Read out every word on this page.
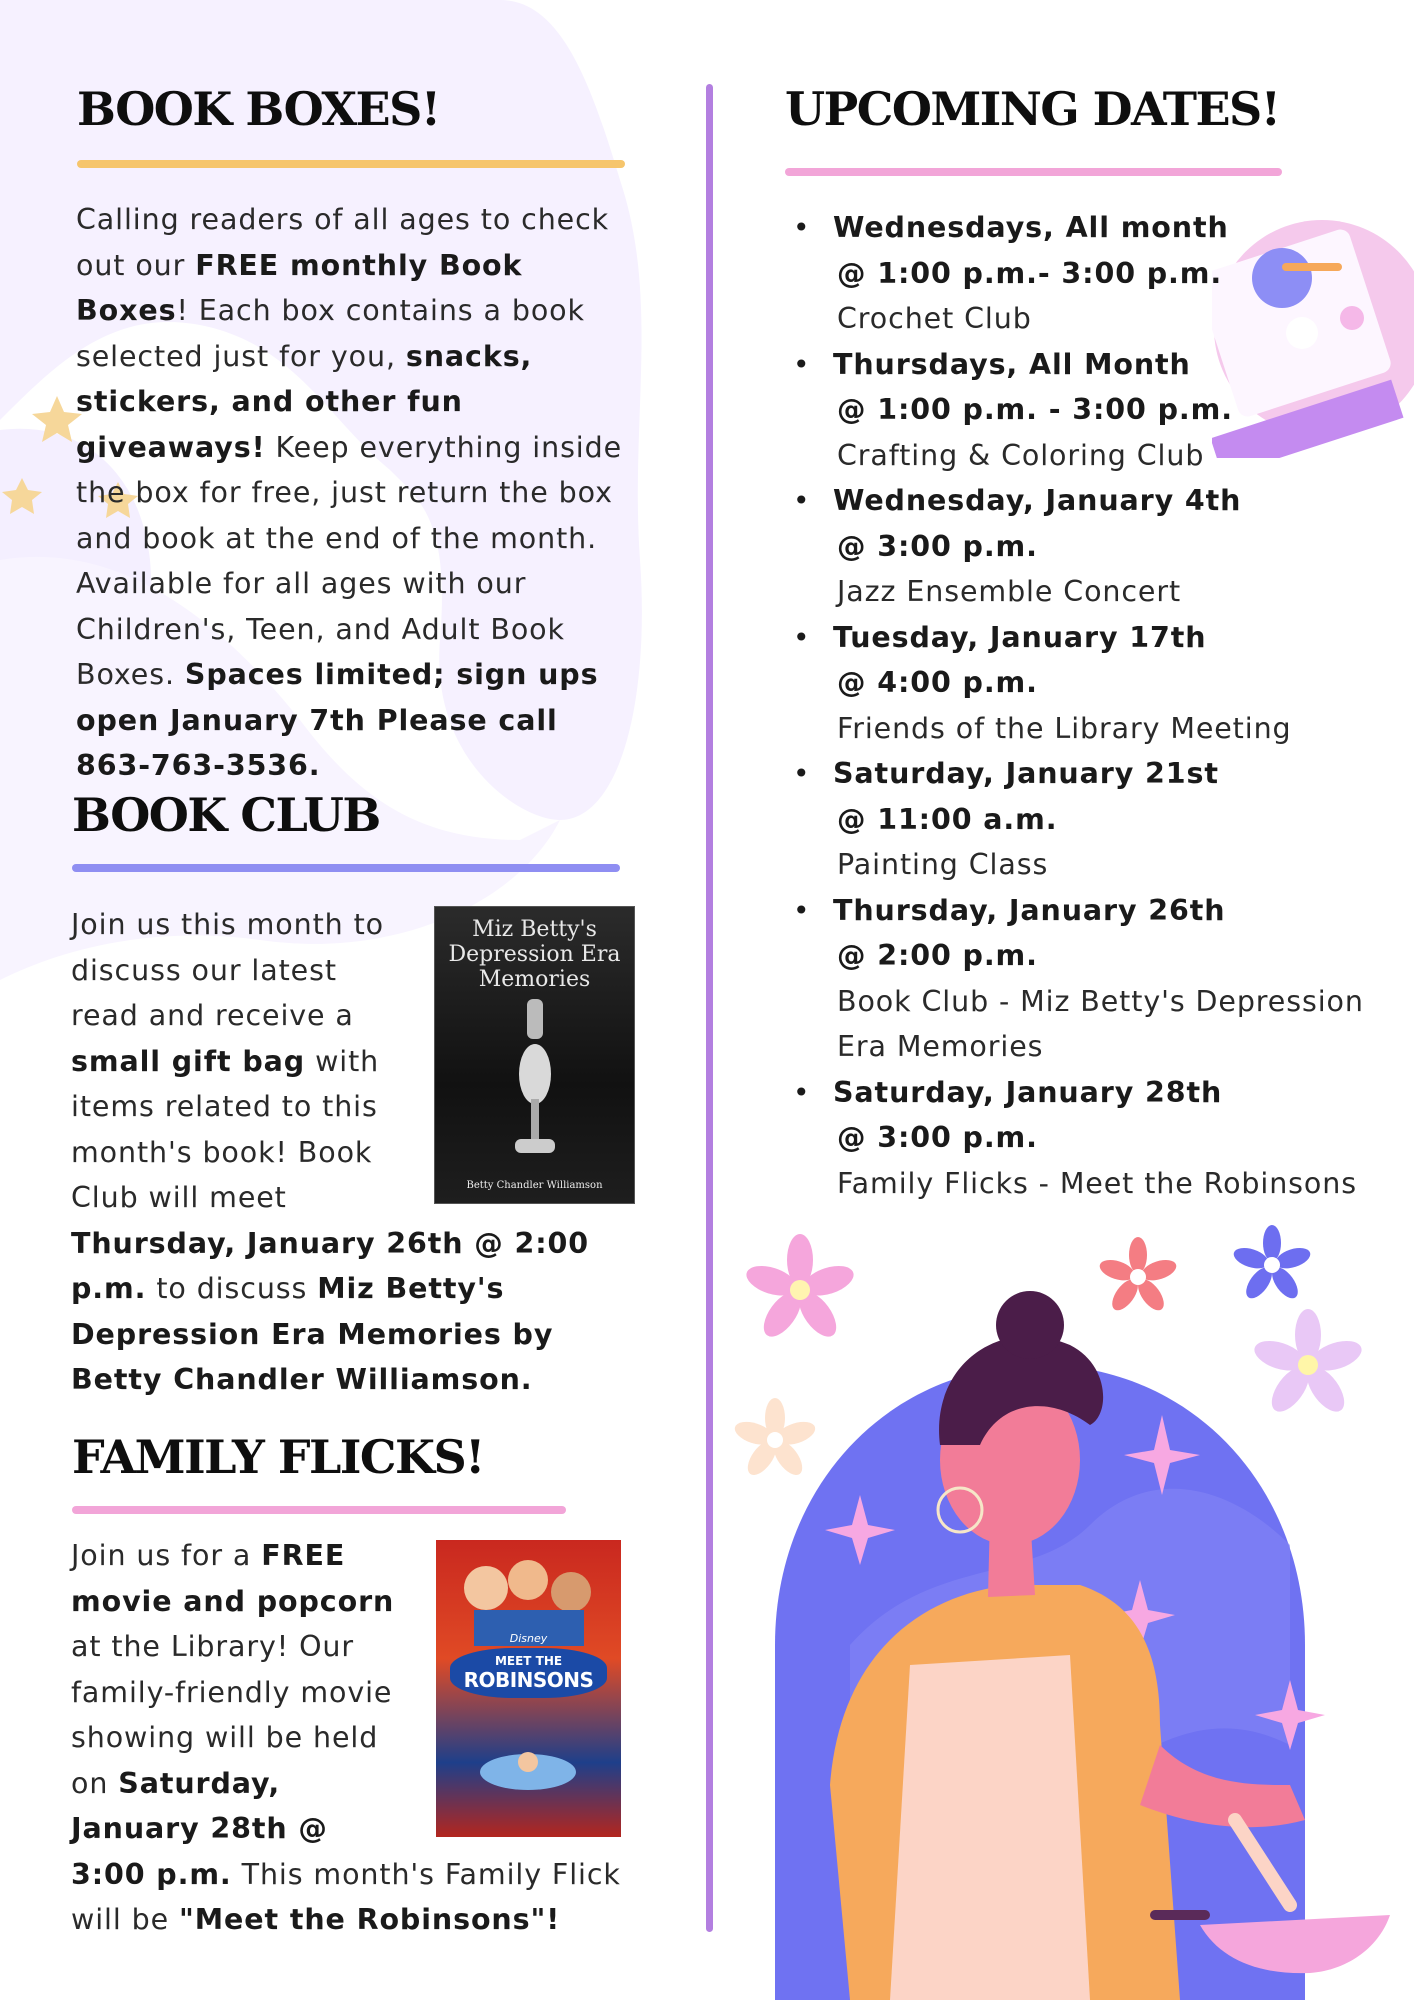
BOOK BOXES!

Calling readers of all ages to check out our FREE monthly Book Boxes! Each box contains a book selected just for you, snacks, stickers, and other fun giveaways! Keep everything inside the box for free, just return the box and book at the end of the month. Available for all ages with our Children's, Teen, and Adult Book Boxes. Spaces limited; sign ups open January 7th Please call 863-763-3536.

BOOK CLUB
Miz Betty's
Depression Era
Memories
Betty Chandler Williamson

Join us this month to discuss our latest read and receive a small gift bag with items related to this month's book! Book Club will meet Thursday, January 26th @ 2:00 p.m. to discuss Miz Betty's Depression Era Memories by Betty Chandler Williamson.

FAMILY FLICKS!
Disney
MEET THE
ROBINSONS

Join us for a FREE movie and popcorn at the Library! Our family-friendly movie showing will be held on Saturday, January 28th @ 3:00 p.m. This month's Family Flick will be "Meet the Robinsons"!

UPCOMING DATES!
• Wednesdays, All month
@ 1:00 p.m.- 3:00 p.m.
Crochet Club
• Thursdays, All Month
@ 1:00 p.m. - 3:00 p.m.
Crafting & Coloring Club
• Wednesday, January 4th
@ 3:00 p.m.
Jazz Ensemble Concert
• Tuesday, January 17th
@ 4:00 p.m.
Friends of the Library Meeting
• Saturday, January 21st
@ 11:00 a.m.
Painting Class
• Thursday, January 26th
@ 2:00 p.m.
Book Club - Miz Betty's Depression Era Memories
• Saturday, January 28th
@ 3:00 p.m.
Family Flicks - Meet the Robinsons
